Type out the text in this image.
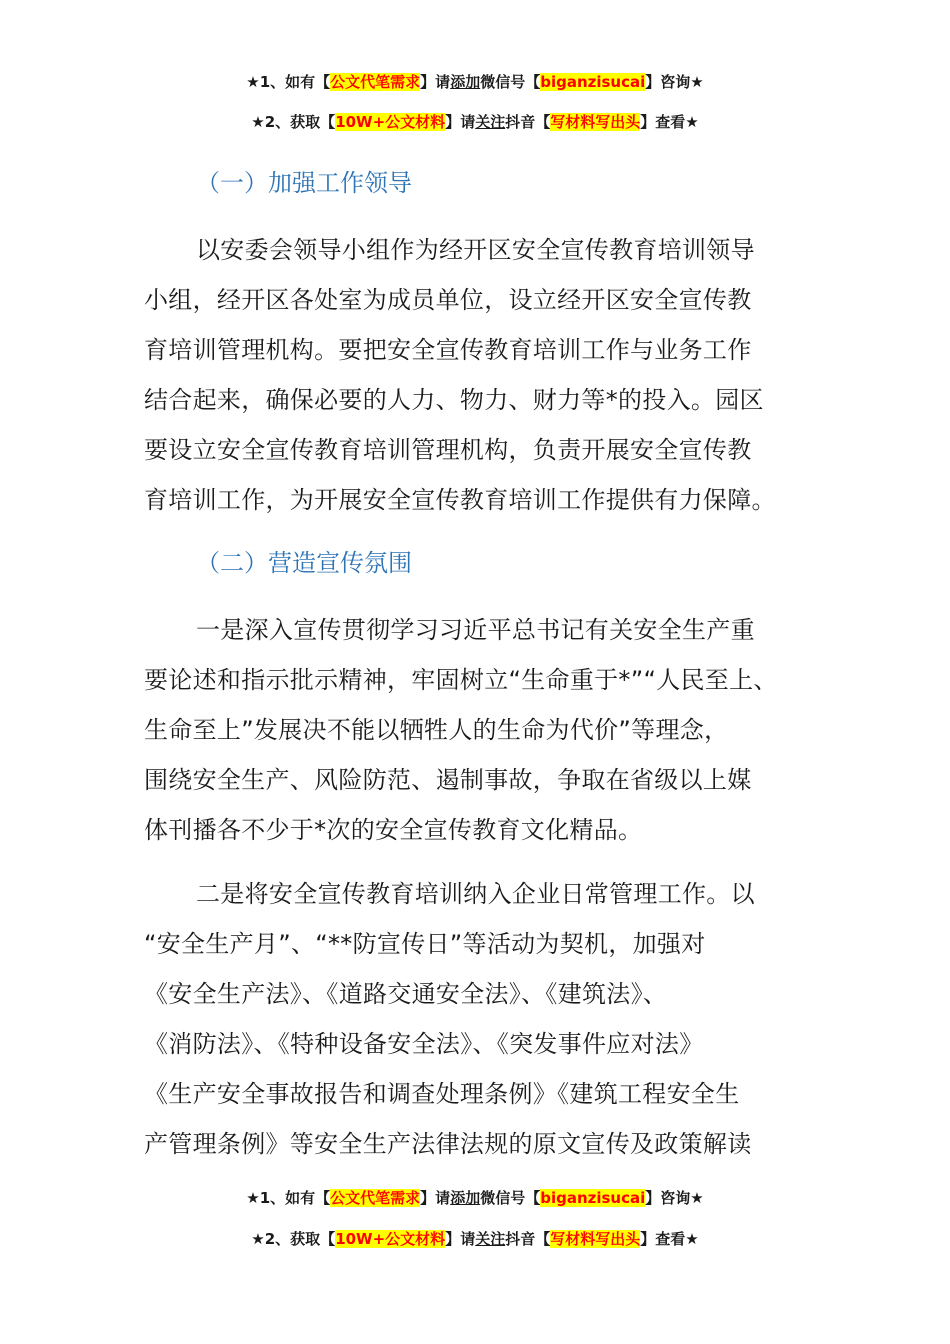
★1、如有【公文代笔需求】请添加微信号【biganzisucai】咨询★
★2、获取【10W+公文材料】请关注抖音【写材料写出头】查看★
（一）加强工作领导
以安委会领导小组作为经开区安全宣传教育培训领导
小组，经开区各处室为成员单位，设立经开区安全宣传教
育培训管理机构。要把安全宣传教育培训工作与业务工作
结合起来，确保必要的人力、物力、财力等*的投入。园区
要设立安全宣传教育培训管理机构，负责开展安全宣传教
育培训工作，为开展安全宣传教育培训工作提供有力保障。
（二）营造宣传氛围
一是深入宣传贯彻学习习近平总书记有关安全生产重
要论述和指示批示精神，牢固树立“生命重于*”“人民至上、
生命至上”发展决不能以牺牲人的生命为代价”等理念，
围绕安全生产、风险防范、遏制事故，争取在省级以上媒
体刊播各不少于*次的安全宣传教育文化精品。
二是将安全宣传教育培训纳入企业日常管理工作。以
“安全生产月”、“**防宣传日”等活动为契机，加强对
《安全生产法》、《道路交通安全法》、《建筑法》、
《消防法》、《特种设备安全法》、《突发事件应对法》
《生产安全事故报告和调查处理条例》《建筑工程安全生
产管理条例》等安全生产法律法规的原文宣传及政策解读
★1、如有【公文代笔需求】请添加微信号【biganzisucai】咨询★
★2、获取【10W+公文材料】请关注抖音【写材料写出头】查看★
